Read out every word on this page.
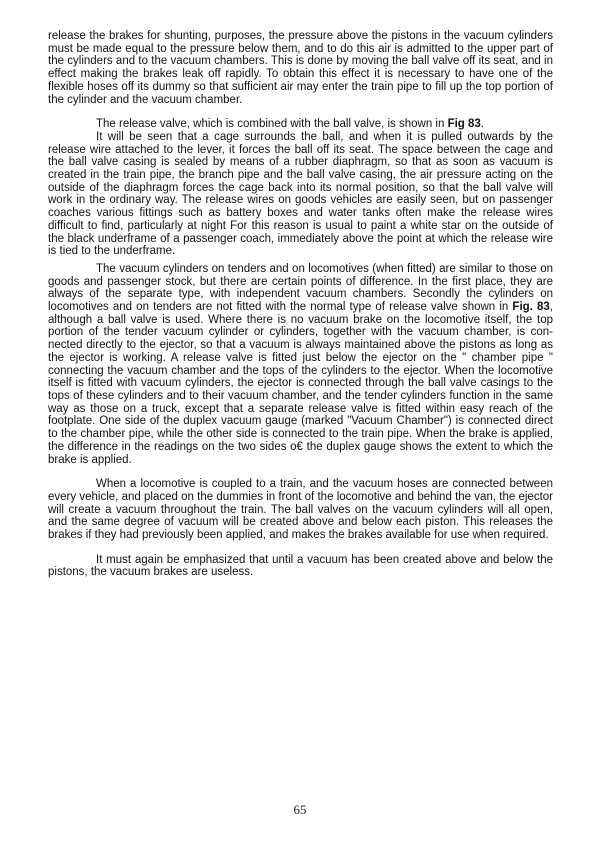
release the brakes for shunting, purposes, the pressure above the pistons in the vacuum cylinders must be made equal to the pressure below them, and to do this air is admitted to the upper part of the cylinders and to the vacuum chambers. This is done by moving the ball valve off its seat, and in effect making the brakes leak off rapidly. To obtain this effect it is necessary to have one of the flexible hoses off its dummy so that sufficient air may enter the train pipe to fill up the top portion of the cylinder and the vacuum chamber.

The release valve, which is combined with the ball valve, is shown in Fig 83.

It will be seen that a cage surrounds the ball, and when it is pulled outwards by the release wire attached to the lever, it forces the ball off its seat. The space between the cage and the ball valve casing is sealed by means of a rubber diaphragm, so that as soon as vacuum is created in the train pipe, the branch pipe and the ball valve casing, the air pressure acting on the outside of the diaphragm forces the cage back into its normal position, so that the ball valve will work in the ordinary way. The release wires on goods vehicles are easily seen, but on passenger coaches various fittings such as battery boxes and water tanks often make the release wires difficult to find, particularly at night For this reason is usual to paint a white star on the outside of the black underframe of a passenger coach, immediately above the point at which the release wire is tied to the underframe.

The vacuum cylinders on tenders and on locomotives (when fitted) are similar to those on goods and passenger stock, but there are certain points of difference. In the first place, they are always of the separate type, with independent vacuum chambers. Secondly the cylinders on locomotives and on tenders are not fitted with the normal type of release valve shown in Fig. 83, although a ball valve is used. Where there is no vacuum brake on the locomotive itself, the top portion of the tender vacuum cylinder or cylinders, together with the vacuum chamber, is con-nected directly to the ejector, so that a vacuum is always maintained above the pistons as long as the ejector is working. A release valve is fitted just below the ejector on the " chamber pipe " connecting the vacuum chamber and the tops of the cylinders to the ejector. When the locomotive itself is fitted with vacuum cylinders, the ejector is connected through the ball valve casings to the tops of these cylinders and to their vacuum chamber, and the tender cylinders function in the same way as those on a truck, except that a separate release valve is fitted within easy reach of the footplate. One side of the duplex vacuum gauge (marked "Vacuum Chamber") is connected direct to the chamber pipe, while the other side is connected to the train pipe. When the brake is applied, the difference in the readings on the two sides o€ the duplex gauge shows the extent to which the brake is applied.

When a locomotive is coupled to a train, and the vacuum hoses are connected between every vehicle, and placed on the dummies in front of the locomotive and behind the van, the ejector will create a vacuum throughout the train. The ball valves on the vacuum cylinders will all open, and the same degree of vacuum will be created above and below each piston. This releases the brakes if they had previously been applied, and makes the brakes available for use when required.

It must again be emphasized that until a vacuum has been created above and below the pistons, the vacuum brakes are useless.

65
